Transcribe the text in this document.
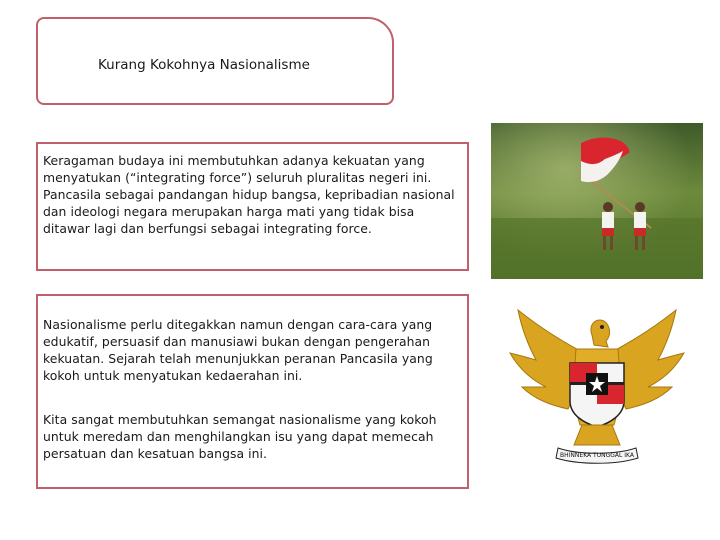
Kurang Kokohnya Nasionalisme
Keragaman budaya ini membutuhkan adanya kekuatan yang menyatukan (“integrating force”) seluruh pluralitas negeri ini. Pancasila sebagai pandangan hidup bangsa, kepribadian nasional dan ideologi negara merupakan harga mati yang tidak bisa ditawar lagi dan berfungsi sebagai integrating force.
Nasionalisme perlu ditegakkan namun dengan cara-cara yang edukatif, persuasif dan manusiawi bukan dengan pengerahan kekuatan. Sejarah telah menunjukkan peranan Pancasila yang kokoh untuk menyatukan kedaerahan ini.
Kita sangat membutuhkan semangat nasionalisme yang kokoh untuk meredam dan menghilangkan isu yang dapat memecah persatuan dan kesatuan bangsa ini.	BHINNEKA TUNGGAL IKA
